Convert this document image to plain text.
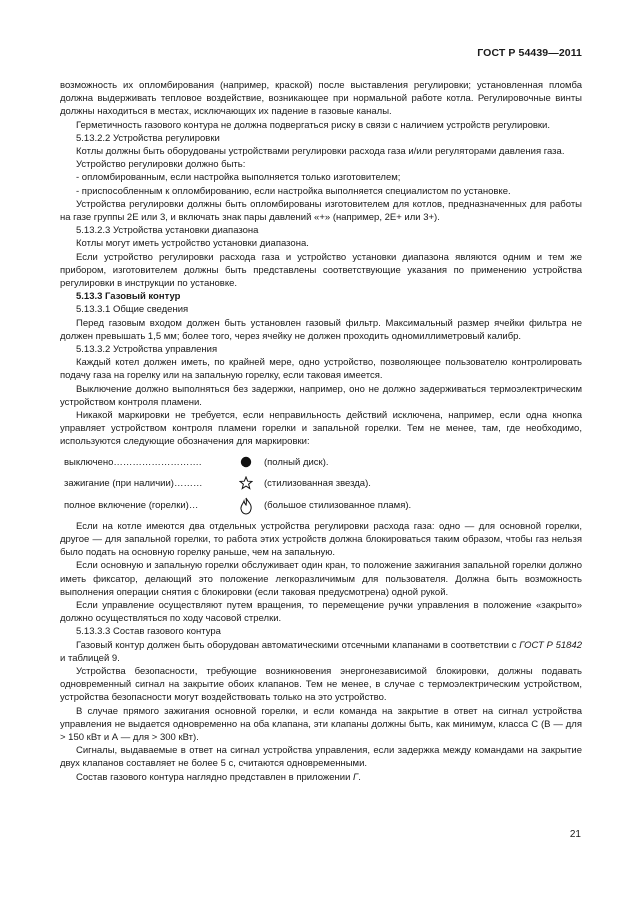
ГОСТ Р 54439—2011

возможность их опломбирования (например, краской) после выставления регулировки; установленная пломба должна выдерживать тепловое воздействие, возникающее при нормальной работе котла. Регулировочные винты должны находиться в местах, исключающих их падение в газовые каналы.

Герметичность газового контура не должна подвергаться риску в связи с наличием устройств регулировки.

5.13.2.2 Устройства регулировки

Котлы должны быть оборудованы устройствами регулировки расхода газа и/или регуляторами давления газа.

Устройство регулировки должно быть:

- опломбированным, если настройка выполняется только изготовителем;

- приспособленным к опломбированию, если настройка выполняется специалистом по установке.

Устройства регулировки должны быть опломбированы изготовителем для котлов, предназначенных для работы на газе группы 2Е или 3, и включать знак пары давлений «+» (например, 2Е+ или 3+).

5.13.2.3 Устройства установки диапазона

Котлы могут иметь устройство установки диапазона.

Если устройство регулировки расхода газа и устройство установки диапазона являются одним и тем же прибором, изготовителем должны быть представлены соответствующие указания по применению устройства регулировки в инструкции по установке.

5.13.3 Газовый контур

5.13.3.1 Общие сведения

Перед газовым входом должен быть установлен газовый фильтр. Максимальный размер ячейки фильтра не должен превышать 1,5 мм; более того, через ячейку не должен проходить одномиллиметровый калибр.

5.13.3.2 Устройства управления

Каждый котел должен иметь, по крайней мере, одно устройство, позволяющее пользователю контролировать подачу газа на горелку или на запальную горелку, если таковая имеется.

Выключение должно выполняться без задержки, например, оно не должно задерживаться термоэлектрическим устройством контроля пламени.

Никакой маркировки не требуется, если неправильность действий исключена, например, если одна кнопка управляет устройством контроля пламени горелки и запальной горелки. Тем не менее, там, где необходимо, используются следующие обозначения для маркировки:

выключено……………………….	(полный диск).
зажигание (при наличии)………	(стилизованная звезда).
полное включение (горелки)…	(большое стилизованное пламя).

Если на котле имеются два отдельных устройства регулировки расхода газа: одно — для основной горелки, другое — для запальной горелки, то работа этих устройств должна блокироваться таким образом, чтобы газ нельзя было подать на основную горелку раньше, чем на запальную.

Если основную и запальную горелки обслуживает один кран, то положение зажигания запальной горелки должно иметь фиксатор, делающий это положение легкоразличимым для пользователя. Должна быть возможность выполнения операции снятия с блокировки (если таковая предусмотрена) одной рукой.

Если управление осуществляют путем вращения, то перемещение ручки управления в положение «закрыто» должно осуществляться по ходу часовой стрелки.

5.13.3.3 Состав газового контура

Газовый контур должен быть оборудован автоматическими отсечными клапанами в соответствии с ГОСТ Р 51842 и таблицей 9.

Устройства безопасности, требующие возникновения энергонезависимой блокировки, должны подавать одновременный сигнал на закрытие обоих клапанов. Тем не менее, в случае с термоэлектрическим устройством, устройства безопасности могут воздействовать только на это устройство.

В случае прямого зажигания основной горелки, и если команда на закрытие в ответ на сигнал устройства управления не выдается одновременно на оба клапана, эти клапаны должны быть, как минимум, класса С (В — для > 150 кВт и А — для > 300 кВт).

Сигналы, выдаваемые в ответ на сигнал устройства управления, если задержка между командами на закрытие двух клапанов составляет не более 5 с, считаются одновременными.

Состав газового контура наглядно представлен в приложении Г.

21
